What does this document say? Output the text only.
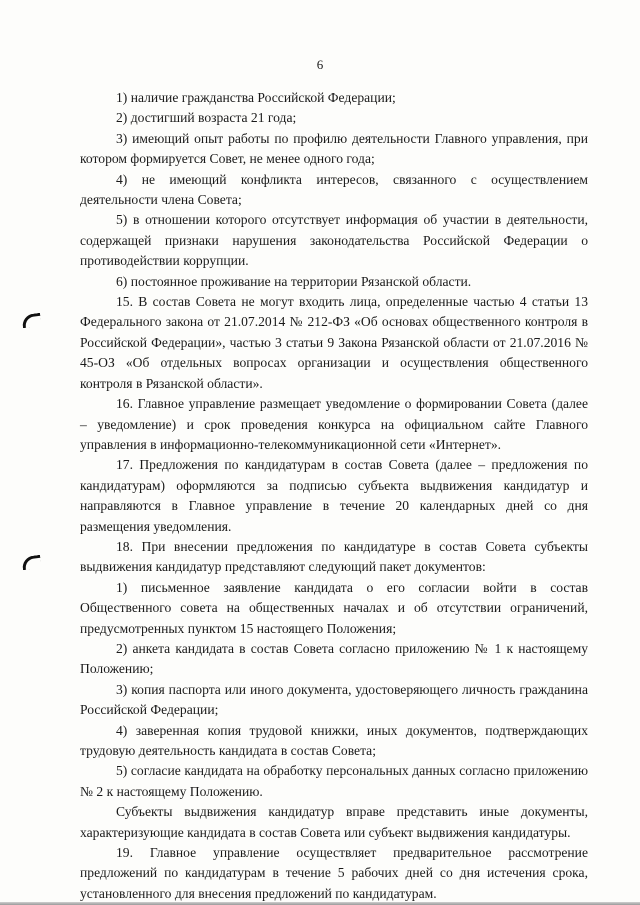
6

1) наличие гражданства Российской Федерации;

2) достигший возраста 21 года;

3) имеющий опыт работы по профилю деятельности Главного управления, при котором формируется Совет, не менее одного года;

4) не имеющий конфликта интересов, связанного с осуществлением деятельности члена Совета;

5) в отношении которого отсутствует информация об участии в деятельности, содержащей признаки нарушения законодательства Российской Федерации о противодействии коррупции.

6) постоянное проживание на территории Рязанской области.

15. В состав Совета не могут входить лица, определенные частью 4 статьи 13 Федерального закона от 21.07.2014 № 212-ФЗ «Об основах общественного контроля в Российской Федерации», частью 3 статьи 9 Закона Рязанской области от 21.07.2016 № 45-ОЗ «Об отдельных вопросах организации и осуществления общественного контроля в Рязанской области».

16. Главное управление размещает уведомление о формировании Совета (далее – уведомление) и срок проведения конкурса на официальном сайте Главного управления в информационно-телекоммуникационной сети «Интернет».

17. Предложения по кандидатурам в состав Совета (далее – предложения по кандидатурам) оформляются за подписью субъекта выдвижения кандидатур и направляются в Главное управление в течение 20 календарных дней со дня размещения уведомления.

18. При внесении предложения по кандидатуре в состав Совета субъекты выдвижения кандидатур представляют следующий пакет документов:

1) письменное заявление кандидата о его согласии войти в состав Общественного совета на общественных началах и об отсутствии ограничений, предусмотренных пунктом 15 настоящего Положения;

2) анкета кандидата в состав Совета согласно приложению № 1 к настоящему Положению;

3) копия паспорта или иного документа, удостоверяющего личность гражданина Российской Федерации;

4) заверенная копия трудовой книжки, иных документов, подтверждающих трудовую деятельность кандидата в состав Совета;

5) согласие кандидата на обработку персональных данных согласно приложению № 2 к настоящему Положению.

Субъекты выдвижения кандидатур вправе представить иные документы, характеризующие кандидата в состав Совета или субъект выдвижения кандидатуры.

19. Главное управление осуществляет предварительное рассмотрение предложений по кандидатурам в течение 5 рабочих дней со дня истечения срока, установленного для внесения предложений по кандидатурам.
